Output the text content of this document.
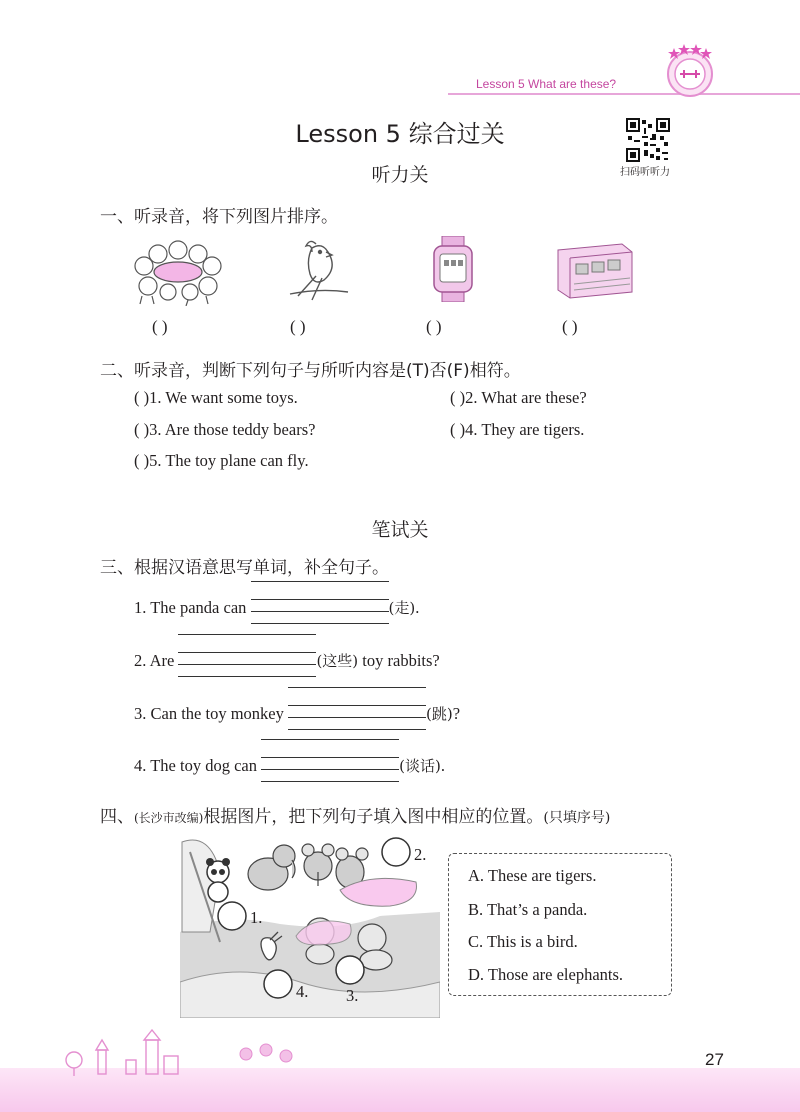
Lesson 5 What are these?
Lesson 5 综合过关
扫码听听力
听力关
一、听录音，将下列图片排序。
( )	( )	( )	( )
二、听录音，判断下列句子与所听内容是(T)否(F)相符。
( )1. We want some toys.	( )2. What are these?
( )3. Are those teddy bears?	( )4. They are tigers.
( )5. The toy plane can fly.
笔试关
三、根据汉语意思写单词，补全句子。
1. The panda can	(走).
2. Are	(这些) toy rabbits?
3. Can the toy monkey	(跳)?
4. The toy dog can	(谈话).
四、(长沙市改编)根据图片，把下列句子填入图中相应的位置。(只填序号)
1.
2.
3.
4.
A. These are tigers.
B. That’s a panda.
C. This is a bird.
D. Those are elephants.
27
